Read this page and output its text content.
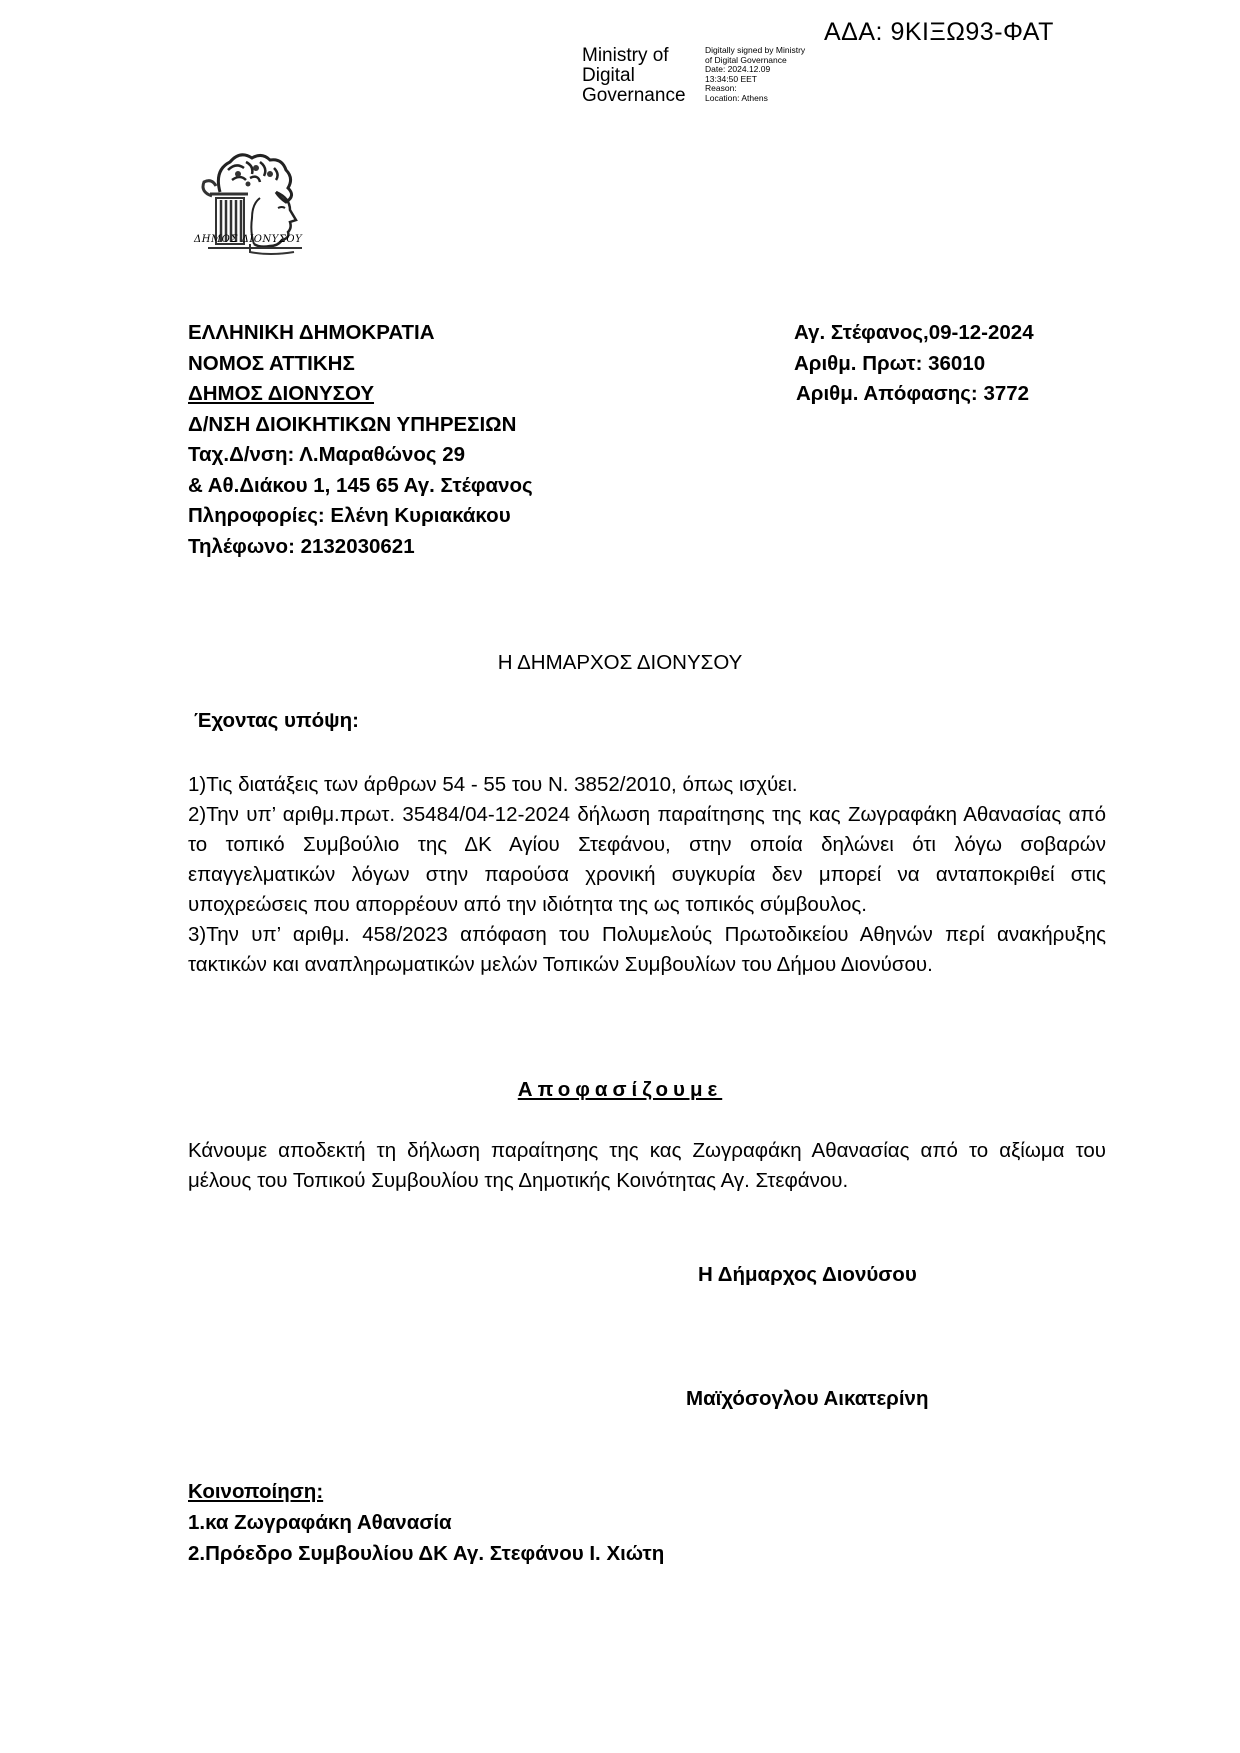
ΑΔΑ: 9ΚΙΞΩ93-ΦΑΤ
Ministry of
Digital
Governance
Digitally signed by Ministry
of Digital Governance
Date: 2024.12.09
13:34:50 EET
Reason:
Location: Athens
ΔΗΜΟΣ ΔΙΟΝΥΣΟΥ
ΕΛΛΗΝΙΚΗ ΔΗΜΟΚΡΑΤΙΑ
ΝΟΜΟΣ ΑΤΤΙΚΗΣ
ΔΗΜΟΣ ΔΙΟΝΥΣΟΥ
Δ/ΝΣΗ ΔΙΟΙΚΗΤΙΚΩΝ ΥΠΗΡΕΣΙΩΝ
Ταχ.Δ/νση: Λ.Μαραθώνος 29
& Αθ.Διάκου 1, 145 65 Αγ. Στέφανος
Πληροφορίες: Ελένη Κυριακάκου
Τηλέφωνο: 2132030621
Αγ. Στέφανος,09-12-2024
Αριθμ. Πρωτ: 36010
Αριθμ. Απόφασης: 3772
Η ΔΗΜΑΡΧΟΣ ΔΙΟΝΥΣΟΥ
Έχοντας υπόψη:
1)Τις διατάξεις των άρθρων 54 - 55 του Ν. 3852/2010, όπως ισχύει.
2)Την υπ’ αριθμ.πρωτ. 35484/04-12-2024 δήλωση παραίτησης της κας Ζωγραφάκη Αθανασίας από το τοπικό Συμβούλιο της ΔΚ Αγίου Στεφάνου, στην οποία δηλώνει ότι λόγω σοβαρών επαγγελματικών λόγων στην παρούσα χρονική συγκυρία δεν μπορεί να ανταποκριθεί στις υποχρεώσεις που απορρέουν από την ιδιότητα της ως τοπικός σύμβουλος.
3)Την υπ’ αριθμ. 458/2023 απόφαση του Πολυμελούς Πρωτοδικείου Αθηνών περί ανακήρυξης τακτικών και αναπληρωματικών μελών Τοπικών Συμβουλίων του Δήμου Διονύσου.
Αποφασίζουμε
Κάνουμε αποδεκτή τη δήλωση παραίτησης της κας Ζωγραφάκη Αθανασίας από το αξίωμα του μέλους του Τοπικού Συμβουλίου της Δημοτικής Κοινότητας Αγ. Στεφάνου.
Η Δήμαρχος Διονύσου
Μαϊχόσογλου Αικατερίνη
Κοινοποίηση:
1.κα Ζωγραφάκη Αθανασία
2.Πρόεδρο Συμβουλίου ΔΚ Αγ. Στεφάνου Ι. Χιώτη
